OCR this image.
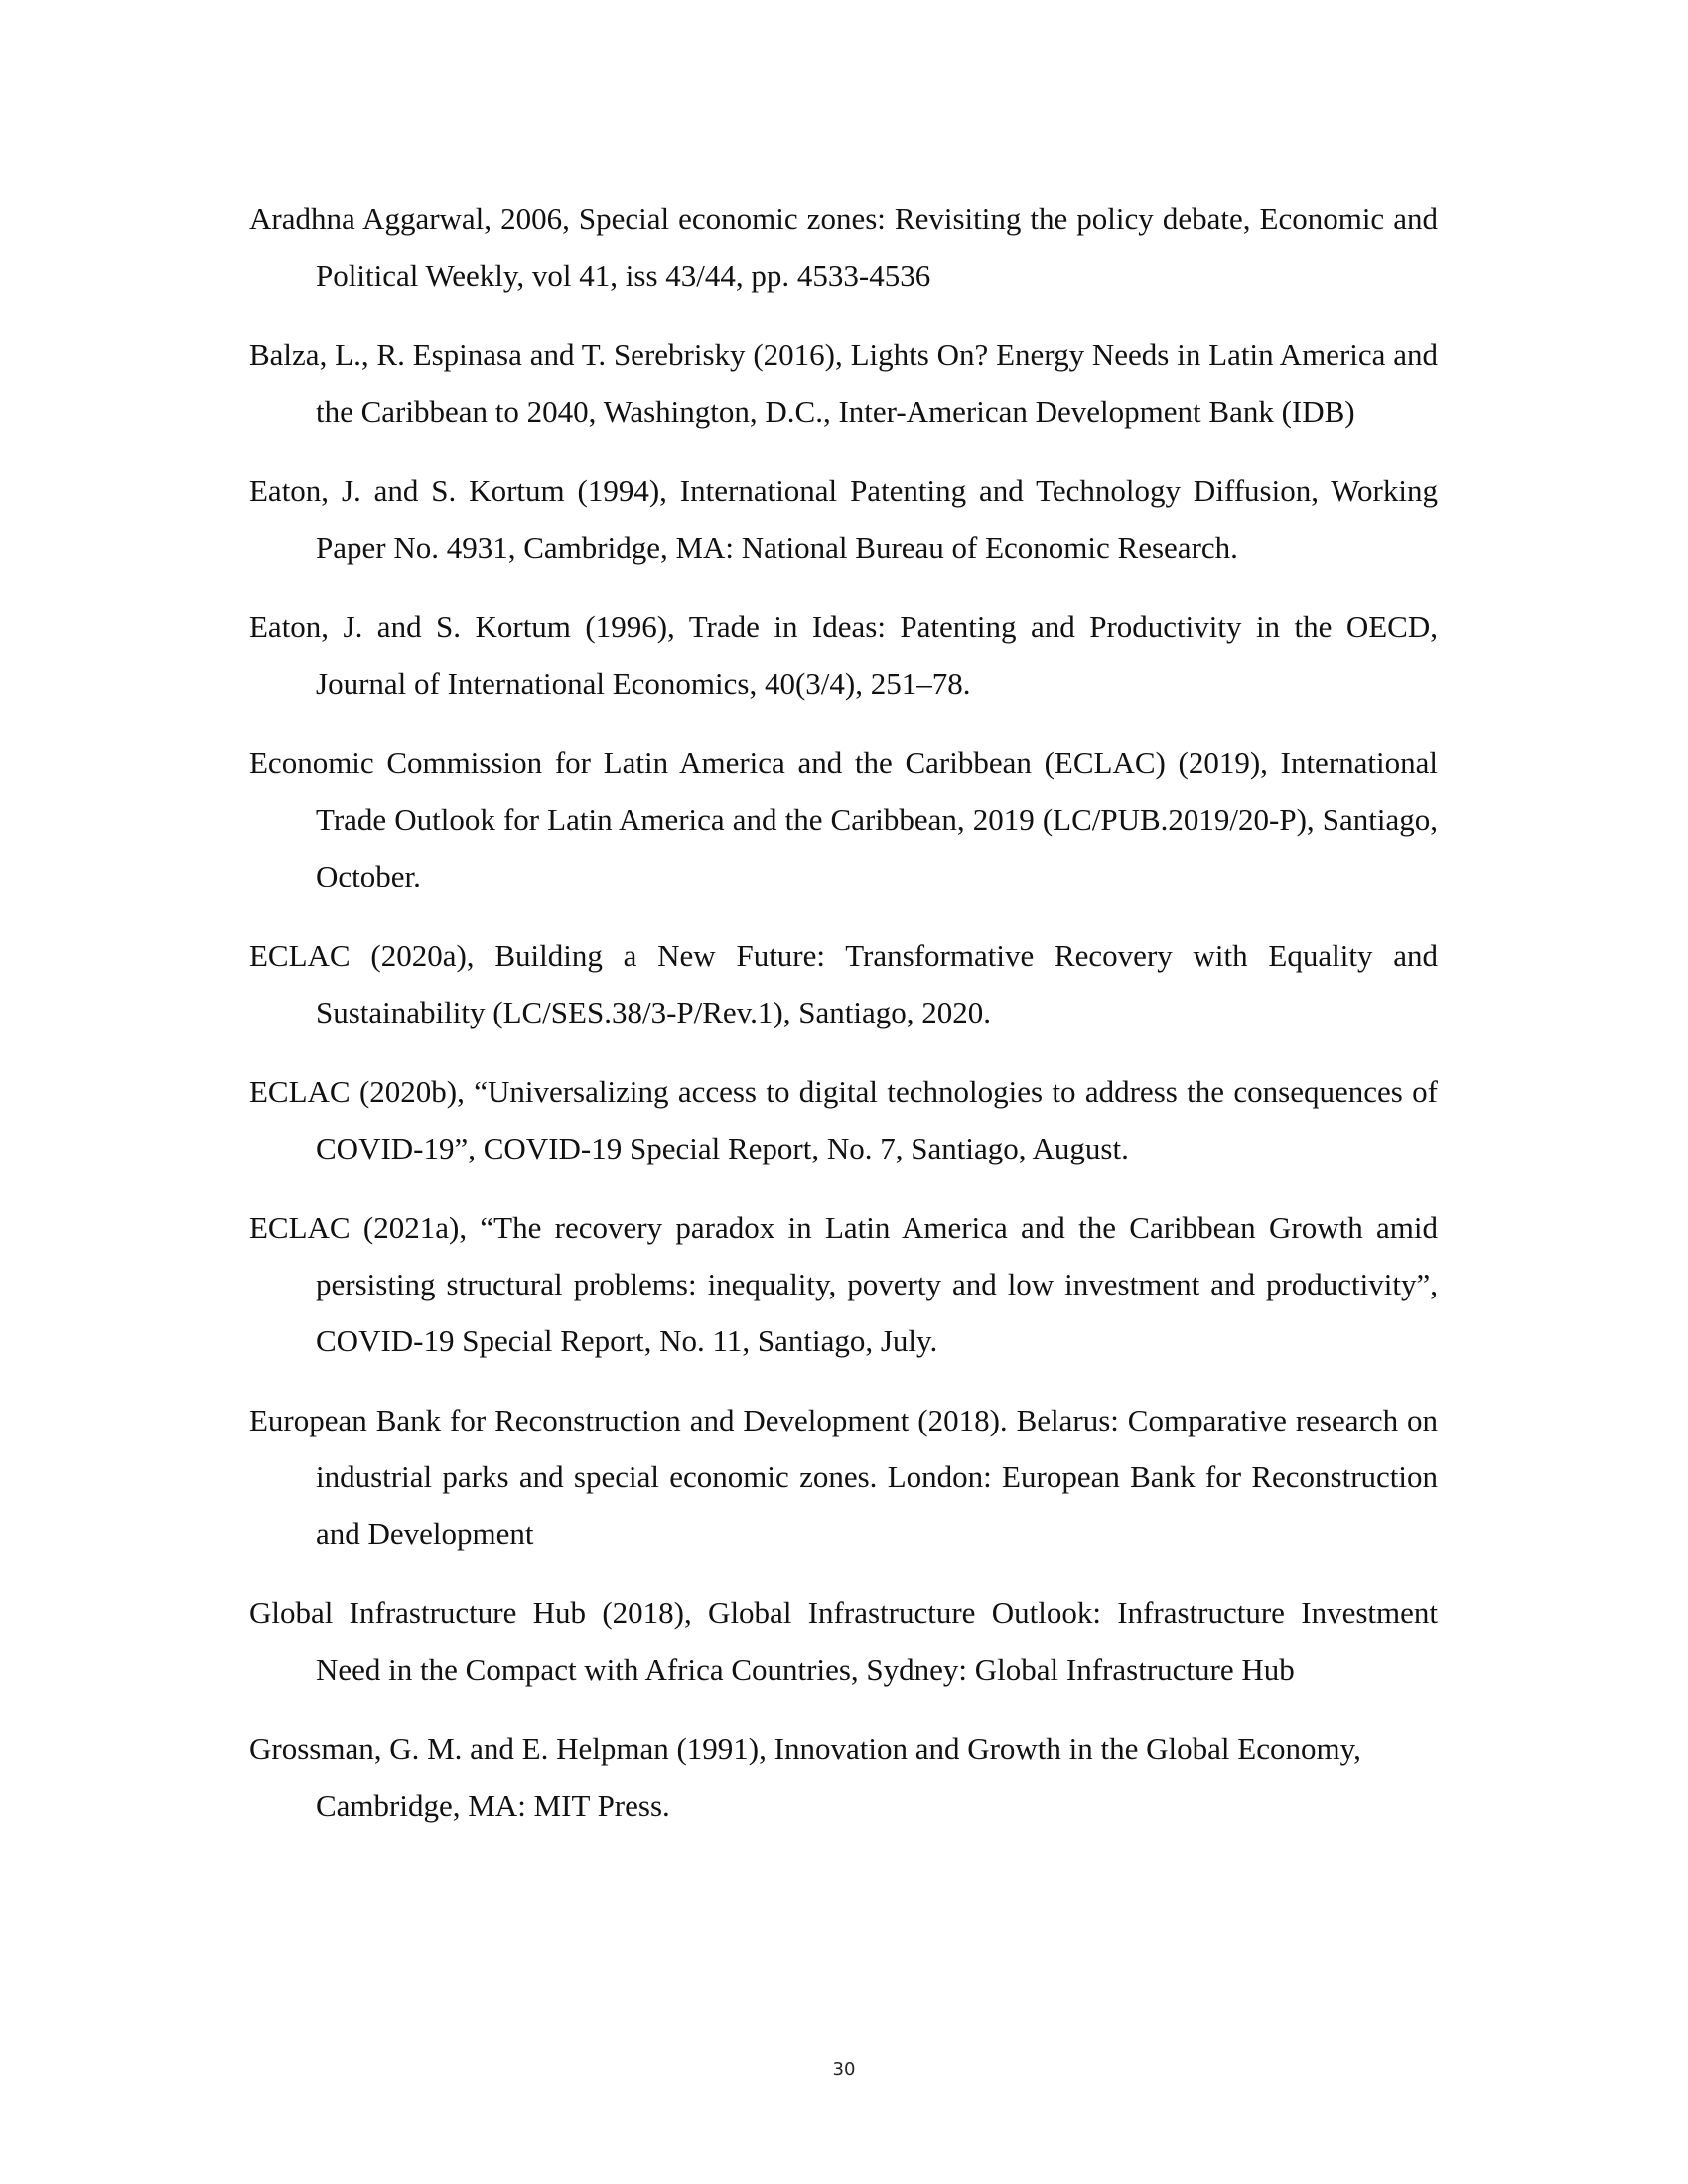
Aradhna Aggarwal, 2006, Special economic zones: Revisiting the policy debate, Economic and Political Weekly, vol 41, iss 43/44, pp. 4533-4536
Balza, L., R. Espinasa and T. Serebrisky (2016), Lights On? Energy Needs in Latin America and the Caribbean to 2040, Washington, D.C., Inter-American Development Bank (IDB)
Eaton, J. and S. Kortum (1994), International Patenting and Technology Diffusion, Working Paper No. 4931, Cambridge, MA: National Bureau of Economic Research.
Eaton, J. and S. Kortum (1996), Trade in Ideas: Patenting and Productivity in the OECD, Journal of International Economics, 40(3/4), 251–78.
Economic Commission for Latin America and the Caribbean (ECLAC) (2019), International Trade Outlook for Latin America and the Caribbean, 2019 (LC/PUB.2019/20-P), Santiago, October.
ECLAC (2020a), Building a New Future: Transformative Recovery with Equality and Sustainability (LC/SES.38/3-P/Rev.1), Santiago, 2020.
ECLAC (2020b), “Universalizing access to digital technologies to address the consequences of COVID-19”, COVID-19 Special Report, No. 7, Santiago, August.
ECLAC (2021a), “The recovery paradox in Latin America and the Caribbean Growth amid persisting structural problems: inequality, poverty and low investment and productivity”, COVID-19 Special Report, No. 11, Santiago, July.
European Bank for Reconstruction and Development (2018). Belarus: Comparative research on industrial parks and special economic zones. London: European Bank for Reconstruction and Development
Global Infrastructure Hub (2018), Global Infrastructure Outlook: Infrastructure Investment Need in the Compact with Africa Countries, Sydney: Global Infrastructure Hub
Grossman, G. M. and E. Helpman (1991), Innovation and Growth in the Global Economy, Cambridge, MA: MIT Press.
30
